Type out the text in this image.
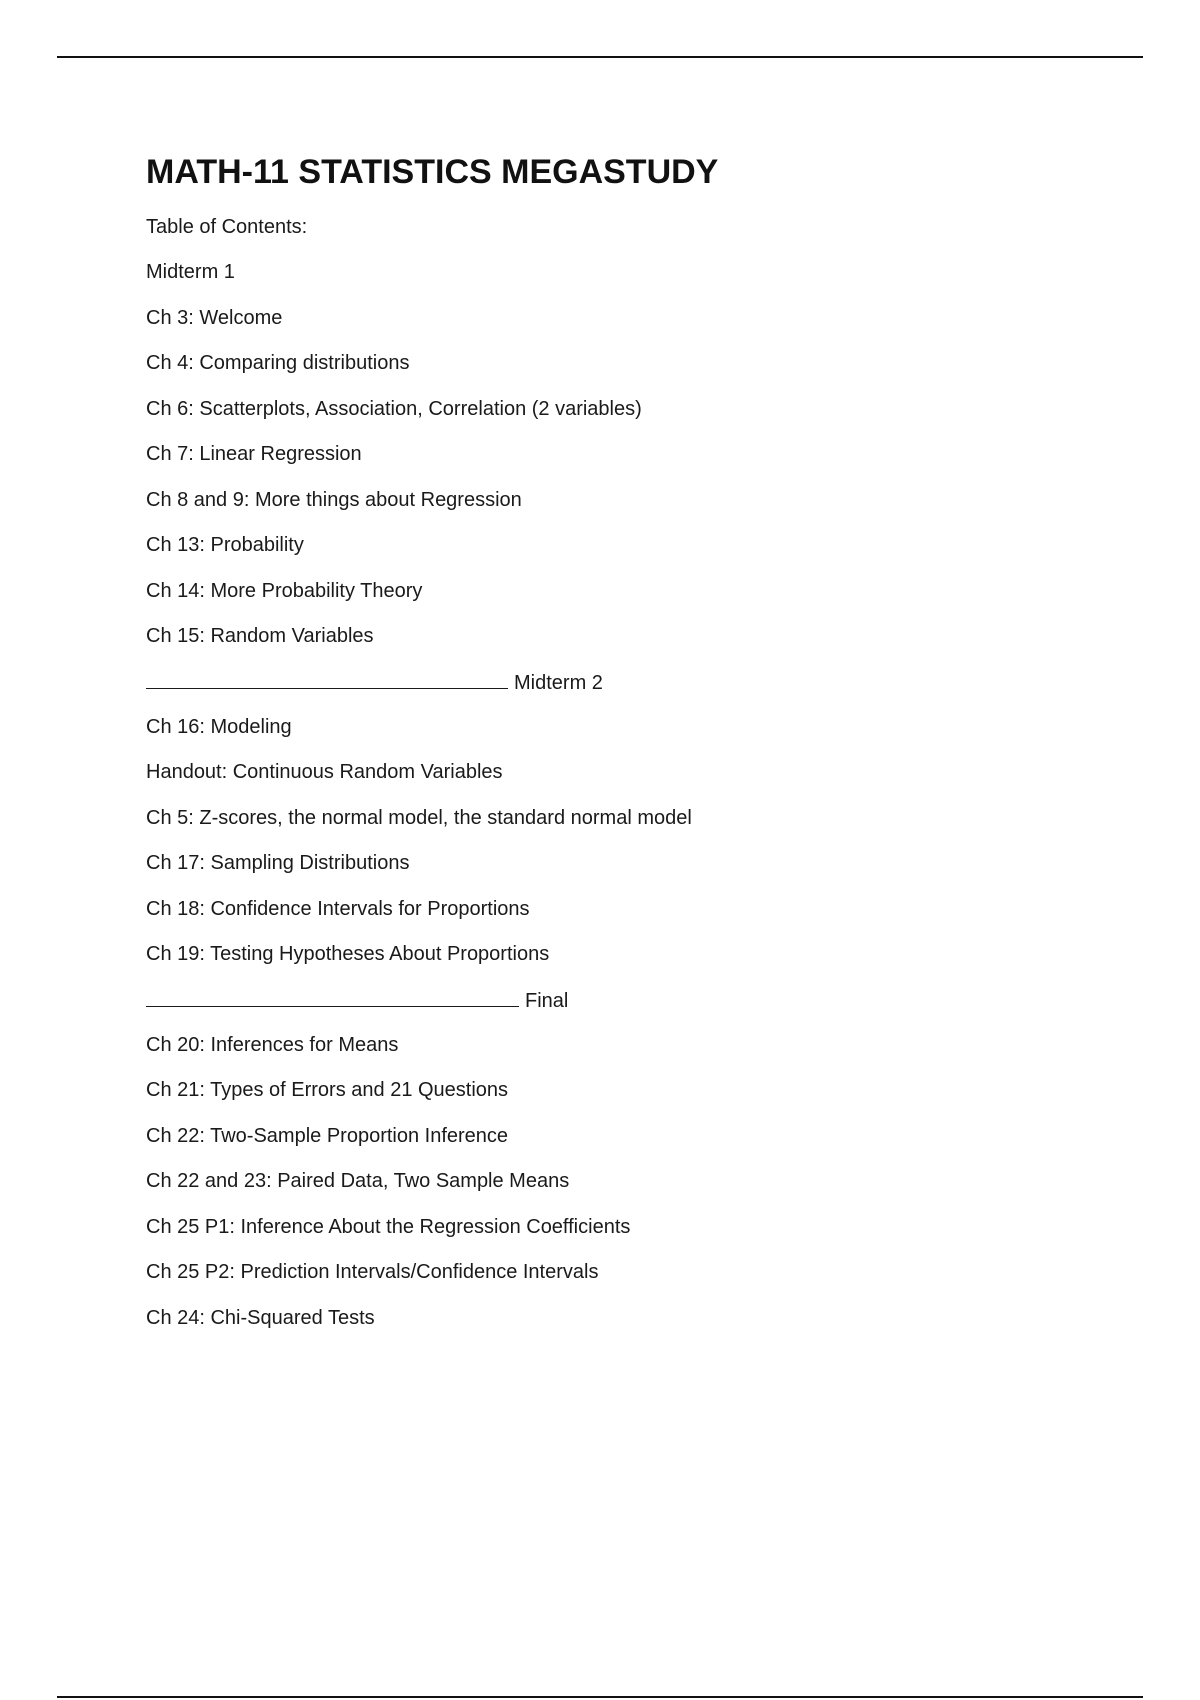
MATH-11 STATISTICS MEGASTUDY
Table of Contents:
Midterm 1
Ch 3: Welcome
Ch 4: Comparing distributions
Ch 6: Scatterplots, Association, Correlation (2 variables)
Ch 7: Linear Regression
Ch 8 and 9: More things about Regression
Ch 13: Probability
Ch 14: More Probability Theory
Ch 15: Random Variables
Midterm 2
Ch 16: Modeling
Handout: Continuous Random Variables
Ch 5: Z-scores, the normal model, the standard normal model
Ch 17: Sampling Distributions
Ch 18: Confidence Intervals for Proportions
Ch 19: Testing Hypotheses About Proportions
Final
Ch 20: Inferences for Means
Ch 21: Types of Errors and 21 Questions
Ch 22: Two-Sample Proportion Inference
Ch 22 and 23: Paired Data, Two Sample Means
Ch 25 P1: Inference About the Regression Coefficients
Ch 25 P2: Prediction Intervals/Confidence Intervals
Ch 24: Chi-Squared Tests
